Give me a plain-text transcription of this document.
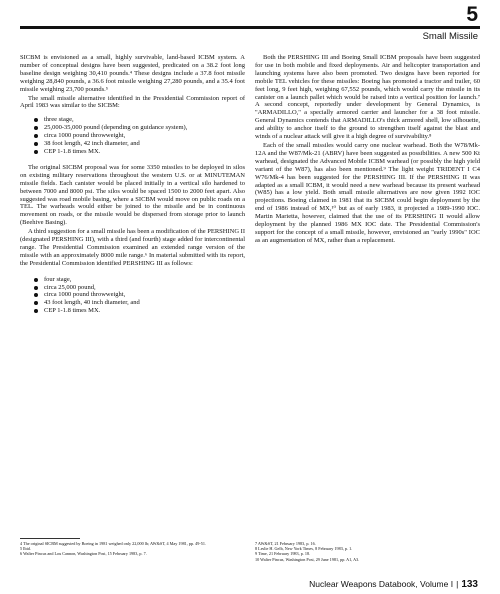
5
Small Missile

SICBM is envisioned as a small, highly survivable, land-based ICBM system. A number of conceptual designs have been suggested, predicated on a 38.2 foot long baseline design weighing 30,410 pounds.⁴ These designs include a 37.8 foot missile weighing 28,840 pounds, a 36.6 foot missile weighing 27,280 pounds, and a 35.4 foot missile weighing 23,700 pounds.⁵

The small missile alternative identified in the Presidential Commission report of April 1983 was similar to the SICBM:

three stage,
25,000-35,000 pound (depending on guidance system),
circa 1000 pound throwweight,
38 foot length, 42 inch diameter, and
CEP 1-1.8 times MX.

The original SICBM proposal was for some 3350 missiles to be deployed in silos on existing military reservations throughout the western U.S. or at MINUTEMAN missile fields. Each canister would be placed initially in a vertical silo hardened to between 7000 and 8000 psi. The silos would be spaced 1500 to 2000 feet apart. Also suggested was road mobile basing, where a SICBM would move on public roads on a TEL. The warheads would either be joined to the missile and be in continuous movement on roads, or the missile would be dispersed from storage prior to launch (Beehive Basing).

A third suggestion for a small missile has been a modification of the PERSHING II (designated PERSHING III), with a third (and fourth) stage added for intercontinental range. The Presidential Commission examined an extended range version of the missile with an approximately 8000 mile range.⁶ In material submitted with its report, the Presidential Commission identified PERSHING III as follows:

four stage,
circa 25,000 pound,
circa 1000 pound throwweight,
43 foot length, 40 inch diameter, and
CEP 1-1.8 times MX.

Both the PERSHING III and Boeing Small ICBM proposals have been suggested for use in both mobile and fixed deployments. Air and helicopter transportation and launching systems have also been promoted. Two designs have been reported for mobile TEL vehicles for these missiles: Boeing has promoted a tractor and trailer, 60 feet long, 9 feet high, weighing 67,552 pounds, which would carry the missile in its canister on a launch pallet which would be raised into a vertical position for launch.⁷ A second concept, reportedly under development by General Dynamics, is "ARMADILLO," a specially armored carrier and launcher for a 38 foot missile. General Dynamics contends that ARMADILLO's thick armored shell, low silhouette, and ability to anchor itself to the ground to strengthen itself against the blast and winds of a nuclear attack will give it a high degree of survivability.⁸

Each of the small missiles would carry one nuclear warhead. Both the W78/Mk-12A and the W87/Mk-21 (ABRV) have been suggested as possibilities. A new 500 Kt warhead, designated the Advanced Mobile ICBM warhead (or possibly the high yield variant of the W87), has also been mentioned.⁹ The light weight TRIDENT I C4 W76/Mk-4 has been suggested for the PERSHING III. If the PERSHING II was adapted as a small ICBM, it would need a new warhead because its present warhead (W85) has a low yield. Both small missile alternatives are now given 1992 IOC projections. Boeing claimed in 1981 that its SICBM could begin deployment by the end of 1986 instead of MX,¹⁰ but as of early 1983, it projected a 1989-1990 IOC. Martin Marietta, however, claimed that the use of its PERSHING II would allow deployment by the planned 1986 MX IOC date. The Presidential Commission's support for the concept of a small missile, however, envisioned an "early 1990s" IOC as an augmentation of MX, rather than a replacement.

4 The original SICBM suggested by Boeing in 1981 weighed only 22,000 lb; AW&ST, 4 May 1981, pp. 49-51.
5 Ibid.
6 Walter Pincus and Lou Cannon, Washington Post, 15 February 1983, p. 7.
7 AW&ST, 21 February 1983, p. 16.
8 Leslie H. Gelb, New York Times, 8 February 1983, p. 1.
9 Time, 21 February 1983, p. 18.
10 Walter Pincus, Washington Post, 29 June 1981, pp. A1, A3.
Nuclear Weapons Databook, Volume I | 133
